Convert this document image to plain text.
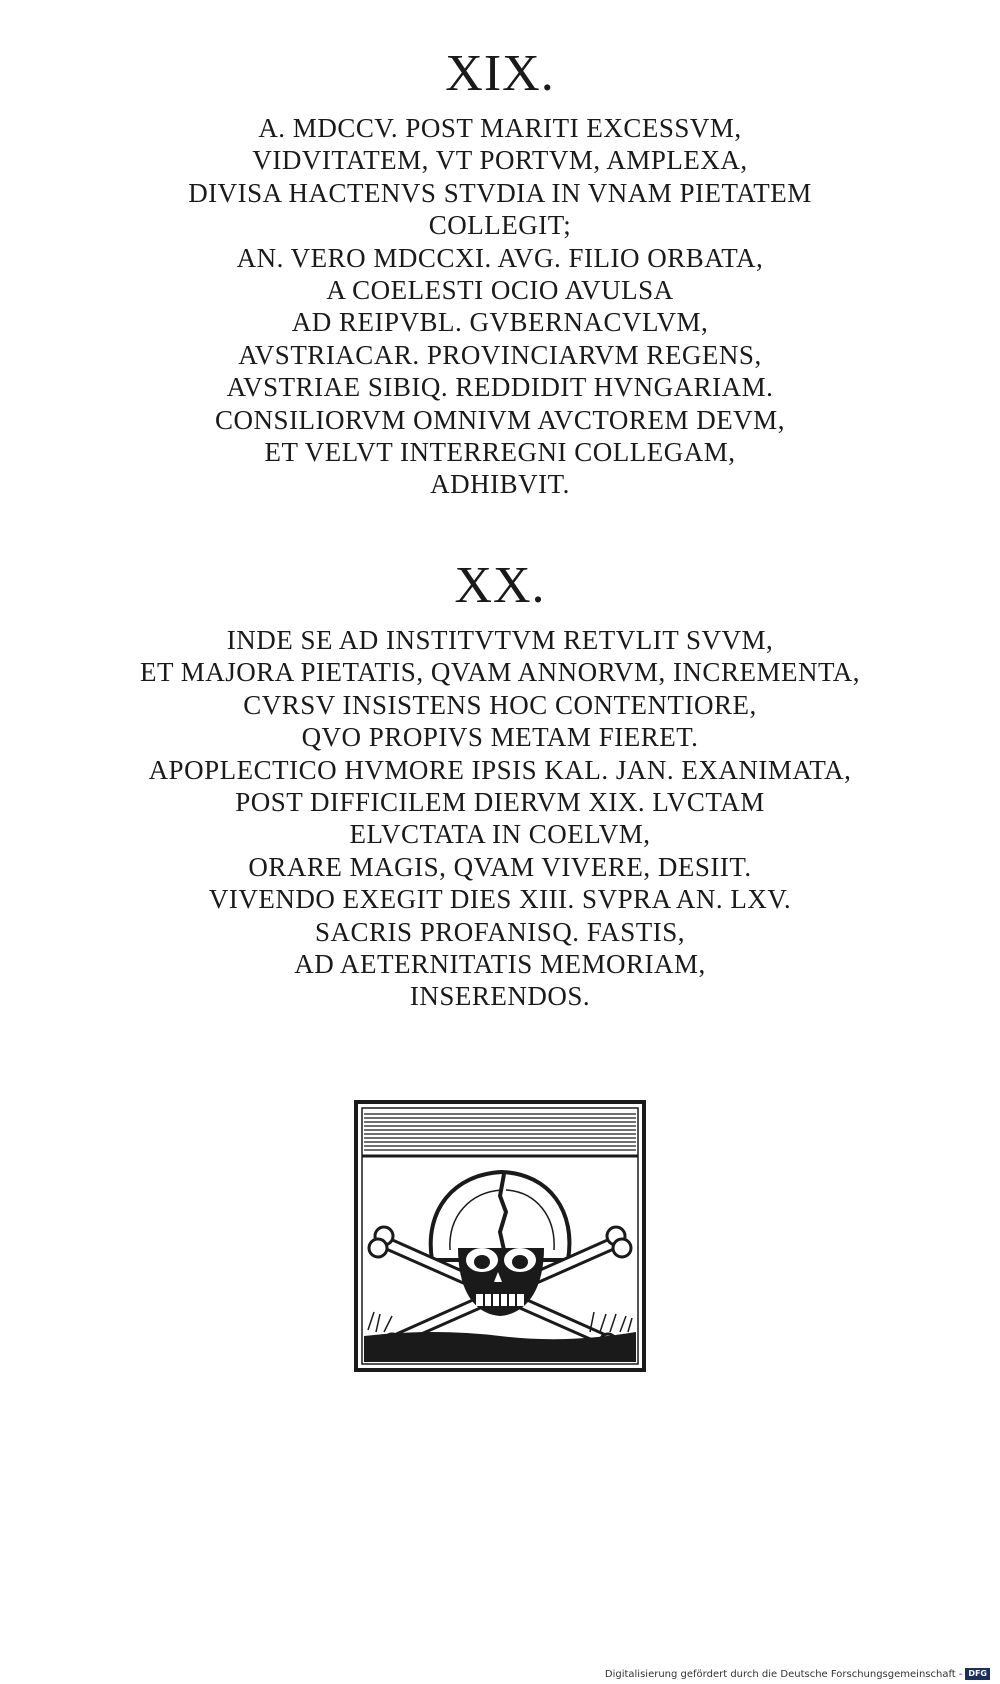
XIX.
A. MDCCV. POST MARITI EXCESSVM,
VIDVITATEM, VT PORTVM, AMPLEXA,
DIVISA HACTENVS STVDIA IN VNAM PIETATEM
COLLEGIT;
AN. VERO MDCCXI. AVG. FILIO ORBATA,
A COELESTI OCIO AVULSA
AD REIPVBL. GVBERNACVLVM,
AVSTRIACAR. PROVINCIARVM REGENS,
AVSTRIAE SIBIQ. REDDIDIT HVNGARIAM.
CONSILIORVM OMNIVM AVCTOREM DEVM,
ET VELVT INTERREGNI COLLEGAM,
ADHIBVIT.
XX.
INDE SE AD INSTITVTVM RETVLIT SVVM,
ET MAJORA PIETATIS, QVAM ANNORVM, INCREMENTA,
CVRSV INSISTENS HOC CONTENTIORE,
QVO PROPIVS METAM FIERET.
APOPLECTICO HVMORE IPSIS KAL. JAN. EXANIMATA,
POST DIFFICILEM DIERVM XIX. LVCTAM
ELVCTATA IN COELVM,
ORARE MAGIS, QVAM VIVERE, DESIIT.
VIVENDO EXEGIT DIES XIII. SVPRA AN. LXV.
SACRIS PROFANISQ. FASTIS,
AD AETERNITATIS MEMORIAM,
INSERENDOS.
Digitalisierung gefördert durch die Deutsche Forschungsgemeinschaft - DFG
